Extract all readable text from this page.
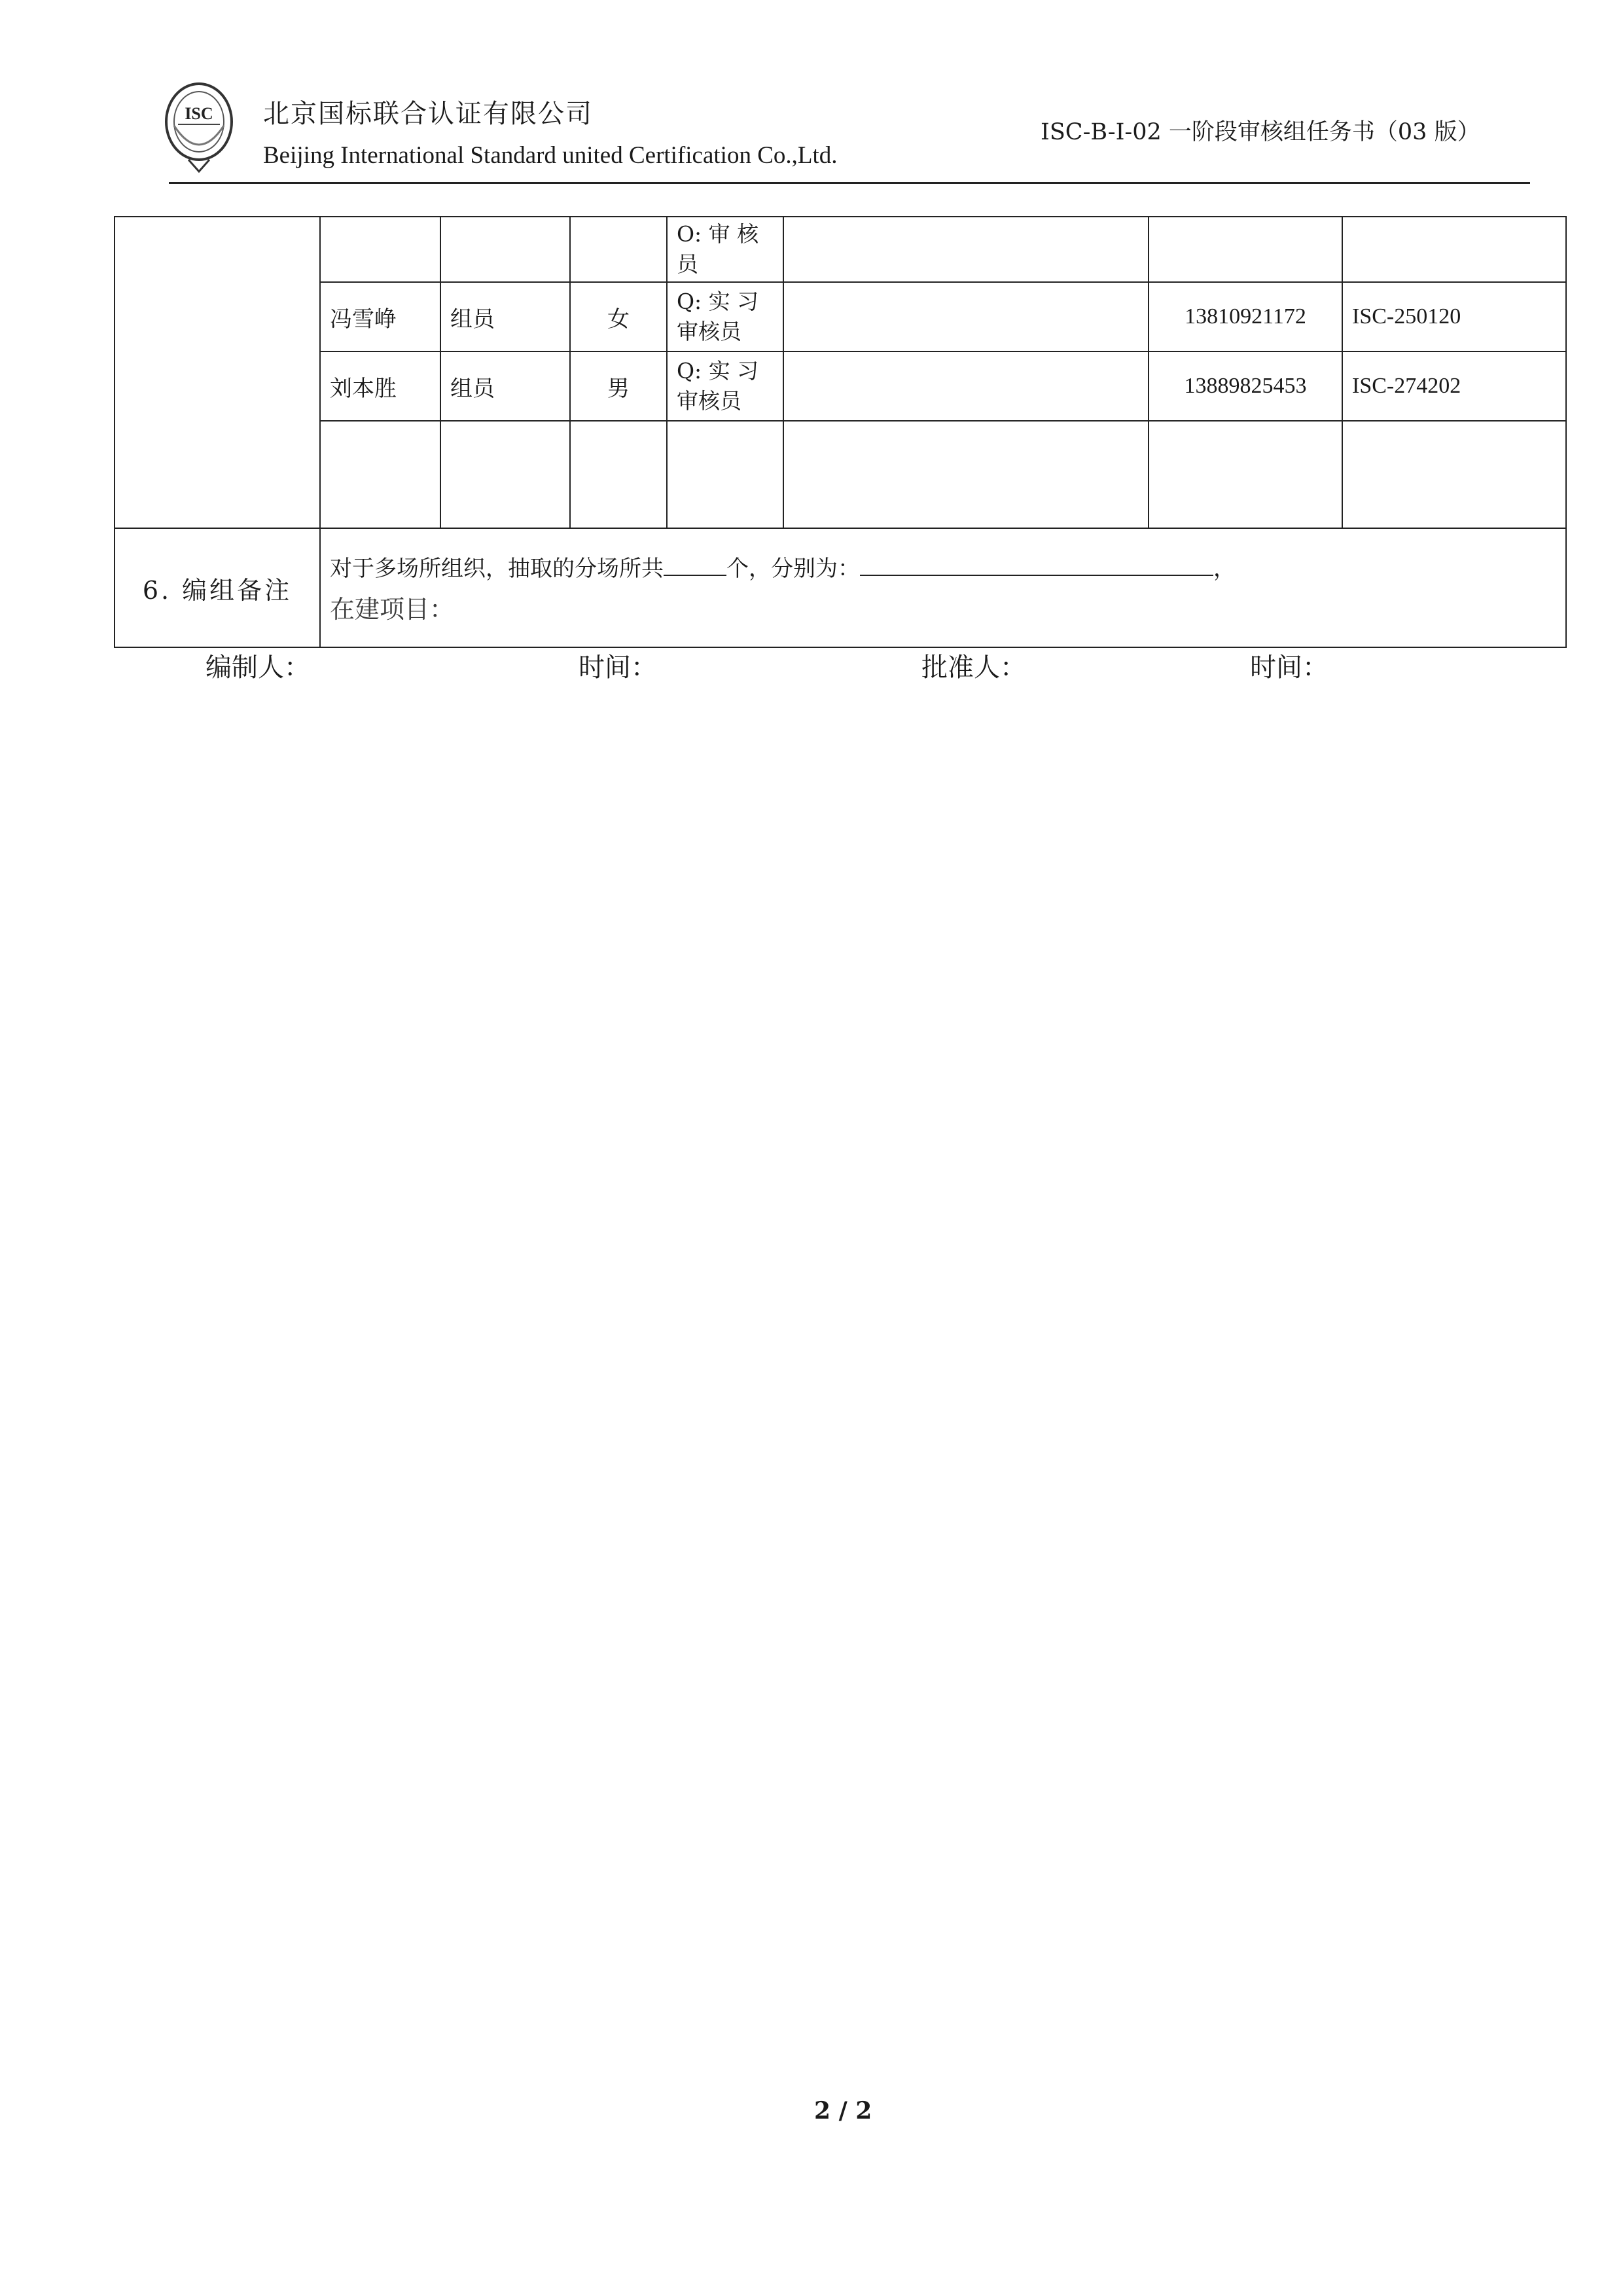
ISC 北京国标联合认证有限公司
Beijing International Standard united Certification Co.,Ltd.
ISC-B-I-02 一阶段审核组任务书（03 版）
				O: 审 核 员			
	冯雪峥	组员	女	Q: 实 习 审核员		13810921172	ISC-250120
	刘本胜	组员	男	Q: 实 习 审核员		13889825453	ISC-274202

6. 编组备注	对于多场所组织，抽取的分场所共 个，分别为： ，
在建项目：						
编制人：	时间：	批准人：	时间：
2 / 2
